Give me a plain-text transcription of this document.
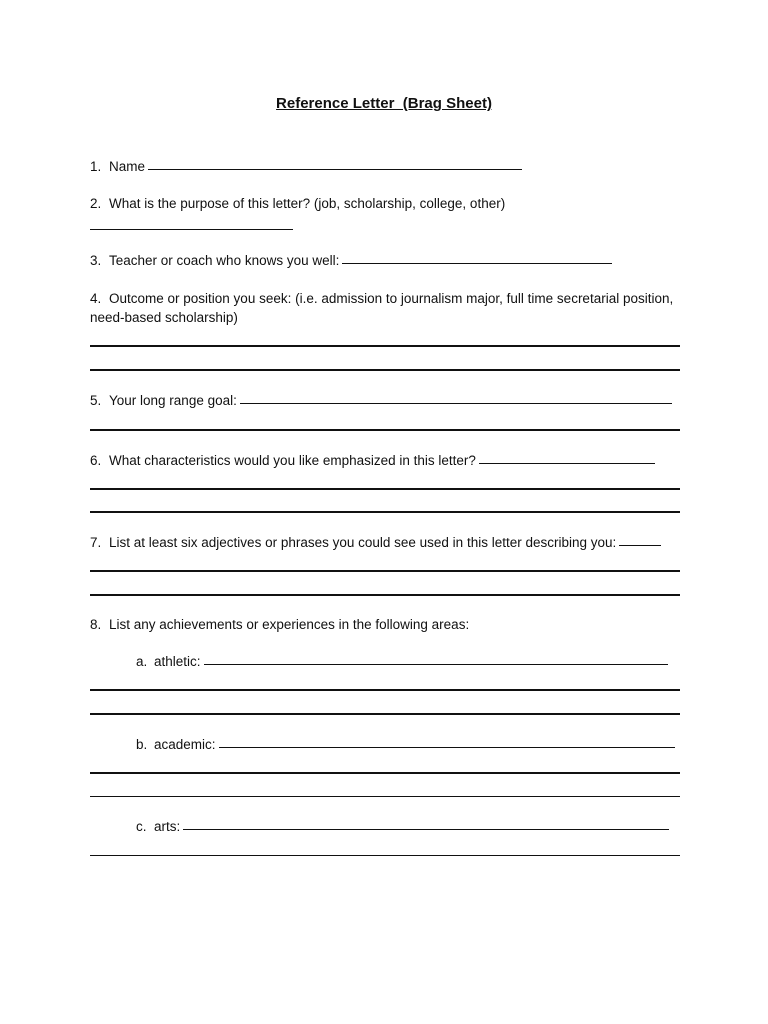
Reference Letter  (Brag Sheet)
1. Name
2. What is the purpose of this letter? (job, scholarship, college, other)
3. Teacher or coach who knows you well:
4. Outcome or position you seek: (i.e. admission to journalism major, full time secretarial position, need-based scholarship)
5. Your long range goal:
6. What characteristics would you like emphasized in this letter?
7. List at least six adjectives or phrases you could see used in this letter describing you:
8. List any achievements or experiences in the following areas:
a. athletic:
b. academic:
c. arts:
